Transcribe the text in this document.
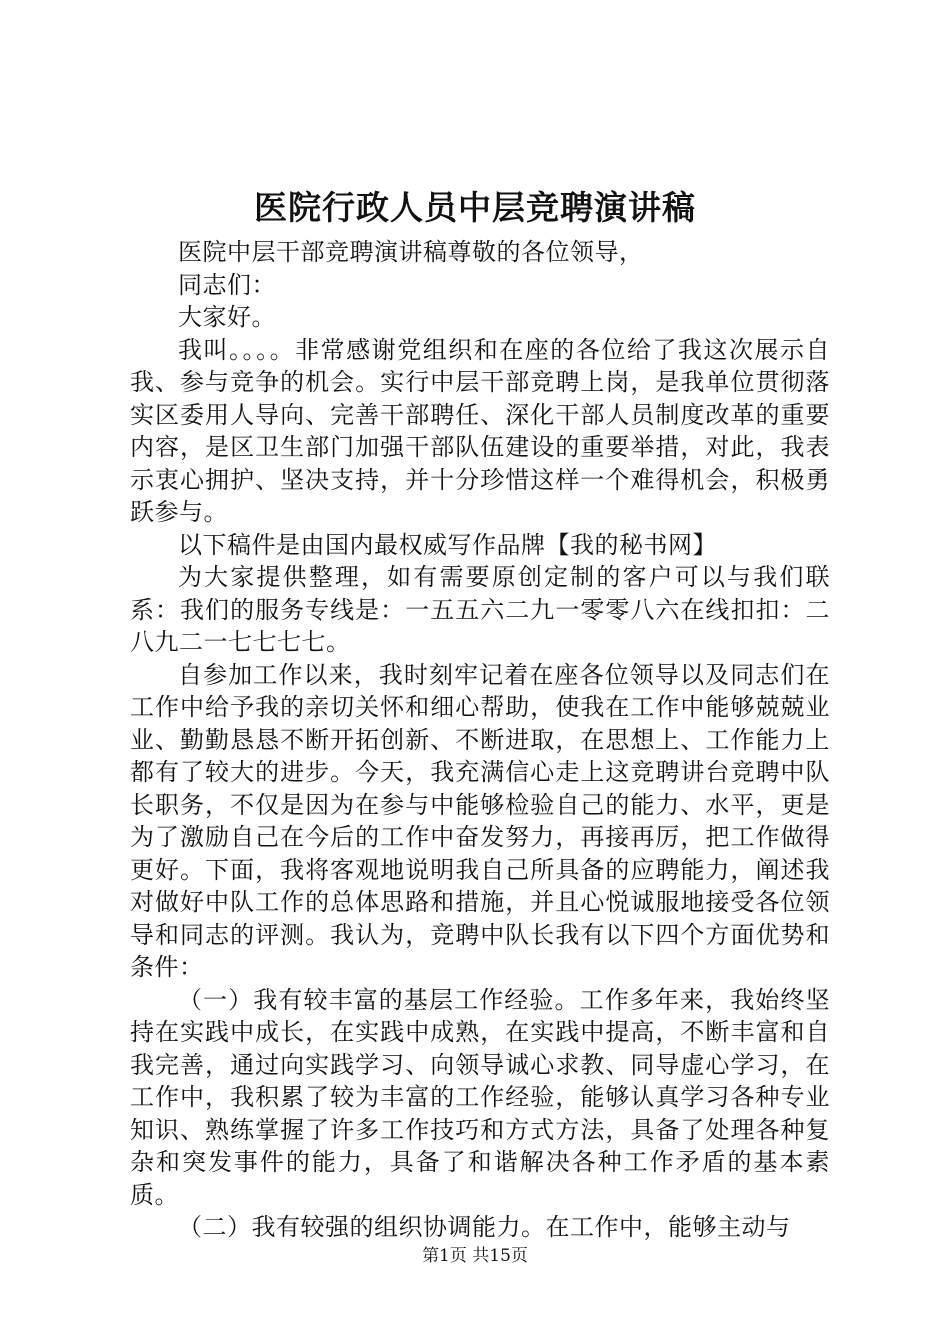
医院行政人员中层竞聘演讲稿

医院中层干部竞聘演讲稿尊敬的各位领导，

同志们：

大家好。

我叫。。。。非常感谢党组织和在座的各位给了我这次展示自我、参与竞争的机会。实行中层干部竞聘上岗，是我单位贯彻落实区委用人导向、完善干部聘任、深化干部人员制度改革的重要内容，是区卫生部门加强干部队伍建设的重要举措，对此，我表示衷心拥护、坚决支持，并十分珍惜这样一个难得机会，积极勇跃参与。

以下稿件是由国内最权威写作品牌【我的秘书网】

为大家提供整理，如有需要原创定制的客户可以与我们联系：我们的服务专线是：一五五六二九一零零八六在线扣扣：二八九二一七七七七。

自参加工作以来，我时刻牢记着在座各位领导以及同志们在工作中给予我的亲切关怀和细心帮助，使我在工作中能够兢兢业业、勤勤恳恳不断开拓创新、不断进取，在思想上、工作能力上都有了较大的进步。今天，我充满信心走上这竞聘讲台竞聘中队长职务，不仅是因为在参与中能够检验自己的能力、水平，更是为了激励自己在今后的工作中奋发努力，再接再厉，把工作做得更好。下面，我将客观地说明我自己所具备的应聘能力，阐述我对做好中队工作的总体思路和措施，并且心悦诚服地接受各位领导和同志的评测。我认为，竞聘中队长我有以下四个方面优势和条件：

（一）我有较丰富的基层工作经验。工作多年来，我始终坚持在实践中成长，在实践中成熟，在实践中提高，不断丰富和自我完善，通过向实践学习、向领导诚心求教、同导虚心学习，在工作中，我积累了较为丰富的工作经验，能够认真学习各种专业知识、熟练掌握了许多工作技巧和方式方法，具备了处理各种复杂和突发事件的能力，具备了和谐解决各种工作矛盾的基本素质。

（二）我有较强的组织协调能力。在工作中，能够主动与

第1页 共15页
